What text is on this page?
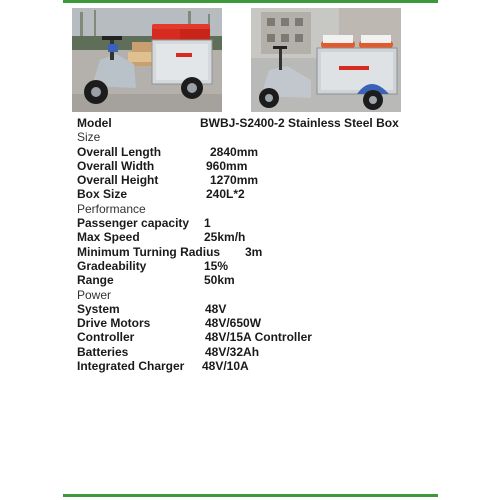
Model	BWBJ-S2400-2 Stainless Steel Box
Size
Overall Length	2840mm
Overall Width	960mm
Overall Height	1270mm
Box Size	240L*2
Performance
Passenger capacity 1
Max Speed	25km/h
Minimum Turning Radius 3m
Gradeability	15%
Range	50km
Power
System	48V
Drive Motors	48V/650W
Controller	48V/15A Controller
Batteries	48V/32Ah
Integrated Charger 48V/10A
